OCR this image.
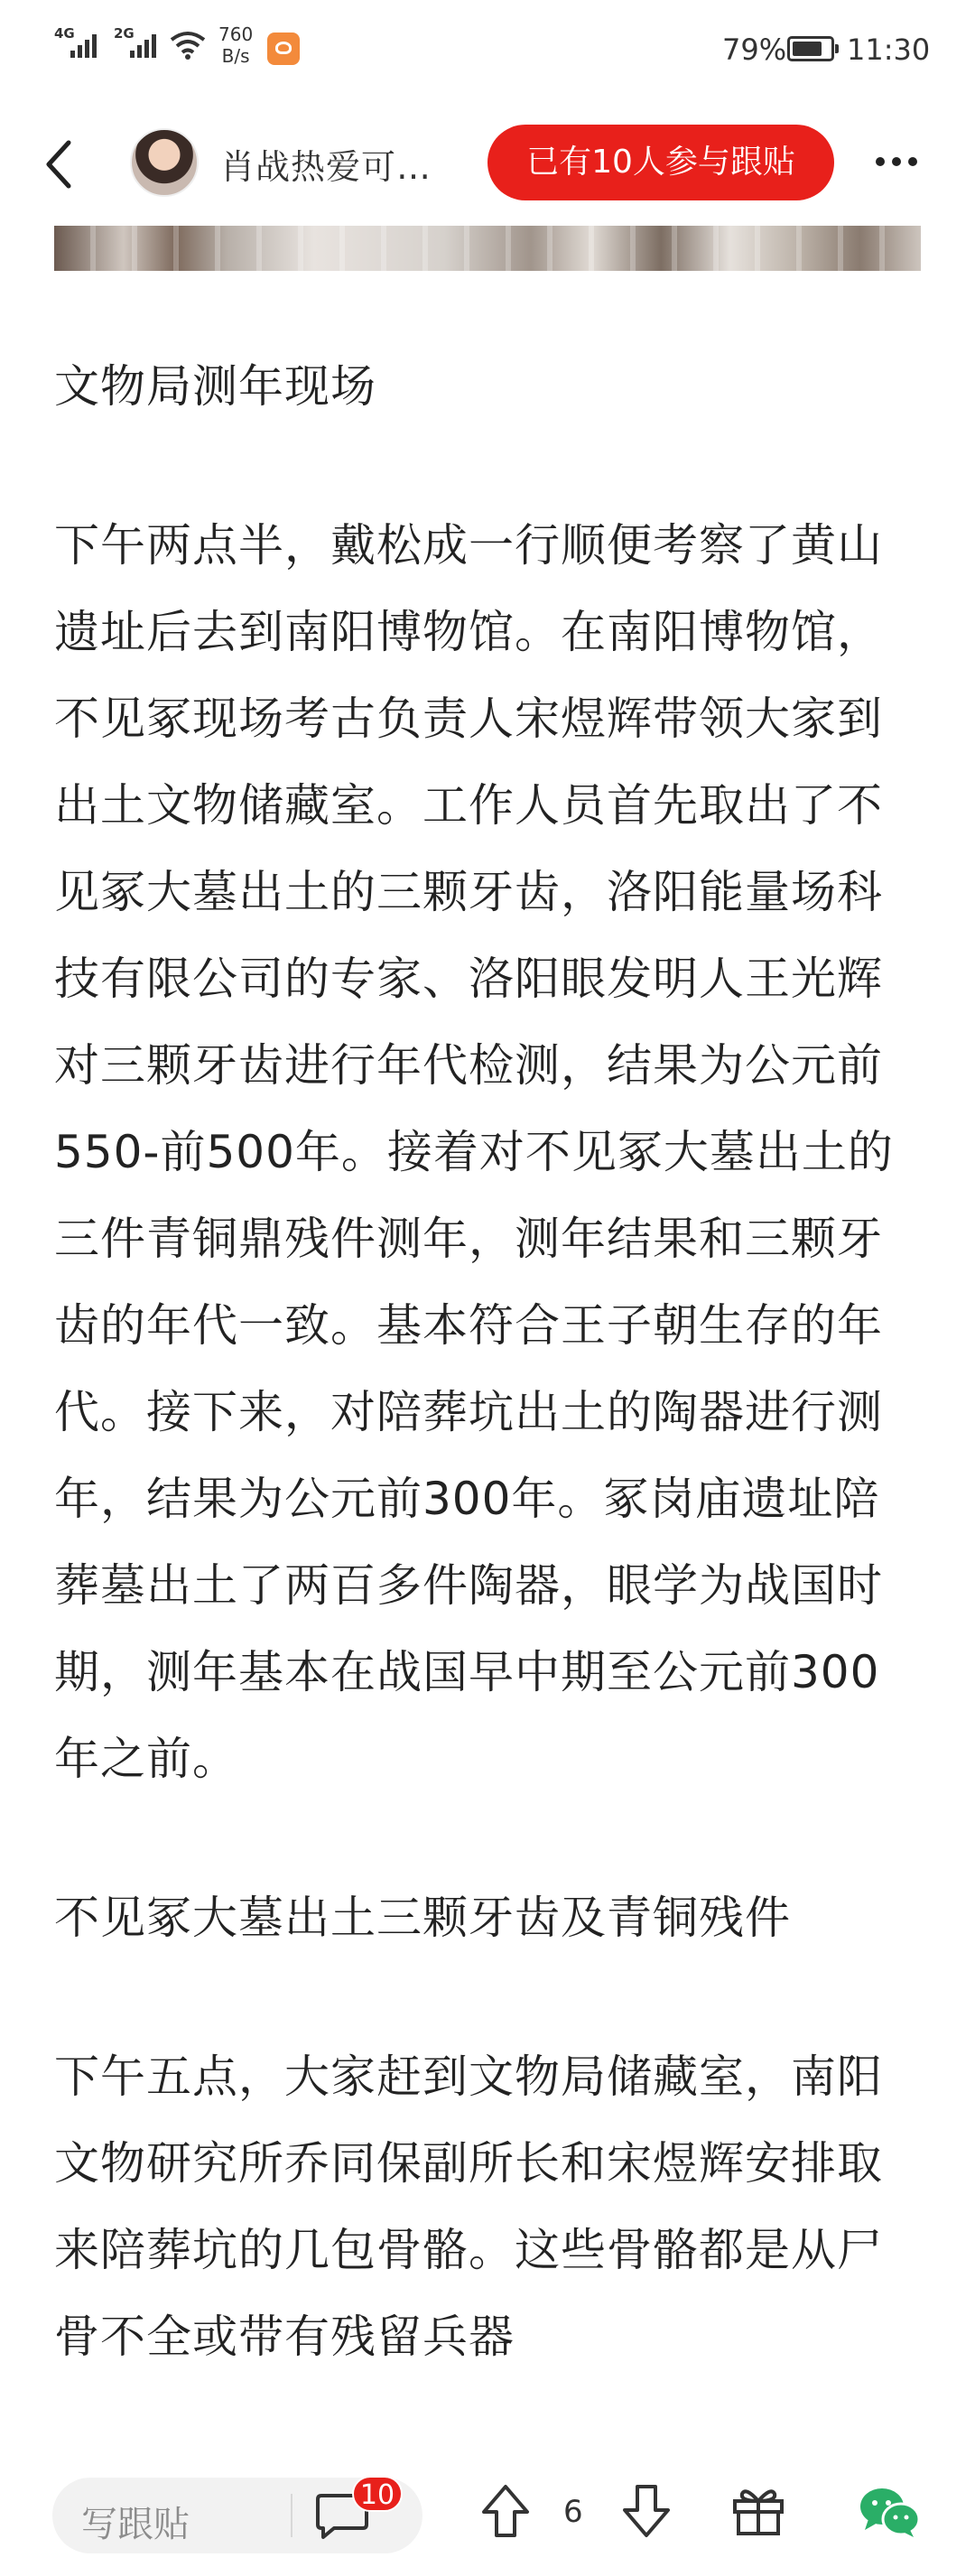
4G	2G	760
B/s	79% 11:30
肖战热爱可…	已有10人参与跟贴

文物局测年现场

下午两点半，戴松成一行顺便考察了黄山遗址后去到南阳博物馆。在南阳博物馆，不见冢现场考古负责人宋煜辉带领大家到出土文物储藏室。工作人员首先取出了不见冢大墓出土的三颗牙齿，洛阳能量场科技有限公司的专家、洛阳眼发明人王光辉对三颗牙齿进行年代检测，结果为公元前550-前500年。接着对不见冢大墓出土的三件青铜鼎残件测年，测年结果和三颗牙齿的年代一致。基本符合王子朝生存的年代。接下来，对陪葬坑出土的陶器进行测年，结果为公元前300年。冢岗庙遗址陪葬墓出土了两百多件陶器，眼学为战国时期，测年基本在战国早中期至公元前300年之前。

不见冢大墓出土三颗牙齿及青铜残件

下午五点，大家赶到文物局储藏室，南阳文物研究所乔同保副所长和宋煜辉安排取来陪葬坑的几包骨骼。这些骨骼都是从尸骨不全或带有残留兵器

写跟贴
10	6
